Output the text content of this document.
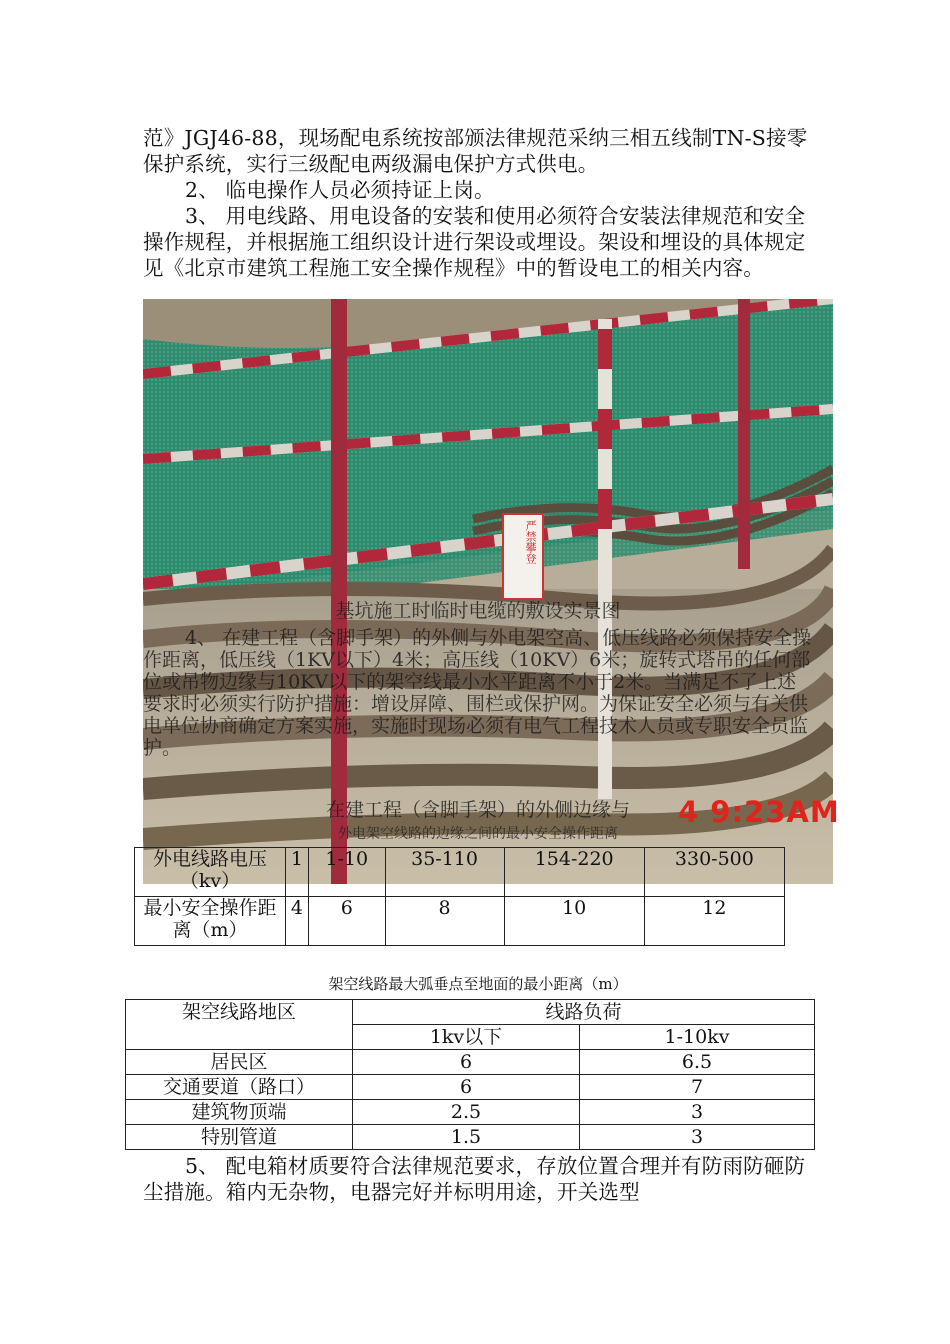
范》JGJ46-88，现场配电系统按部颁法律规范采纳三相五线制TN-S接零保护系统，实行三级配电两级漏电保护方式供电。

2、 临电操作人员必须持证上岗。

3、 用电线路、用电设备的安装和使用必须符合安装法律规范和安全操作规程，并根据施工组织设计进行架设或埋设。架设和埋设的具体规定见《北京市建筑工程施工安全操作规程》中的暂设电工的相关内容。

严禁攀登

基坑施工时临时电缆的敷设实景图

4、 在建工程（含脚手架）的外侧与外电架空高、低压线路必须保持安全操作距离，低压线（1KV以下）4米；高压线（10KV）6米；旋转式塔吊的任何部位或吊物边缘与10KV以下的架空线最小水平距离不小于2米。当满足不了上述要求时必须实行防护措施：增设屏障、围栏或保护网。为保证安全必须与有关供电单位协商确定方案实施，实施时现场必须有电气工程技术人员或专职安全员监护。

在建工程（含脚手架）的外侧边缘与

外电架空线路的边缘之间的最小安全操作距离

4 9:23AM
外电线路电压（kv）	1	1-10	35-110	154-220	330-500
最小安全操作距离（m）	4	6	8	10	12

架空线路最大弧垂点至地面的最小距离（m）

架空线路地区	线路负荷	
	1kv以下	1-10kv
居民区	6	6.5
交通要道（路口）	6	7
建筑物顶端	2.5	3
特别管道	1.5	3

5、 配电箱材质要符合法律规范要求，存放位置合理并有防雨防砸防尘措施。箱内无杂物，电器完好并标明用途，开关选型
